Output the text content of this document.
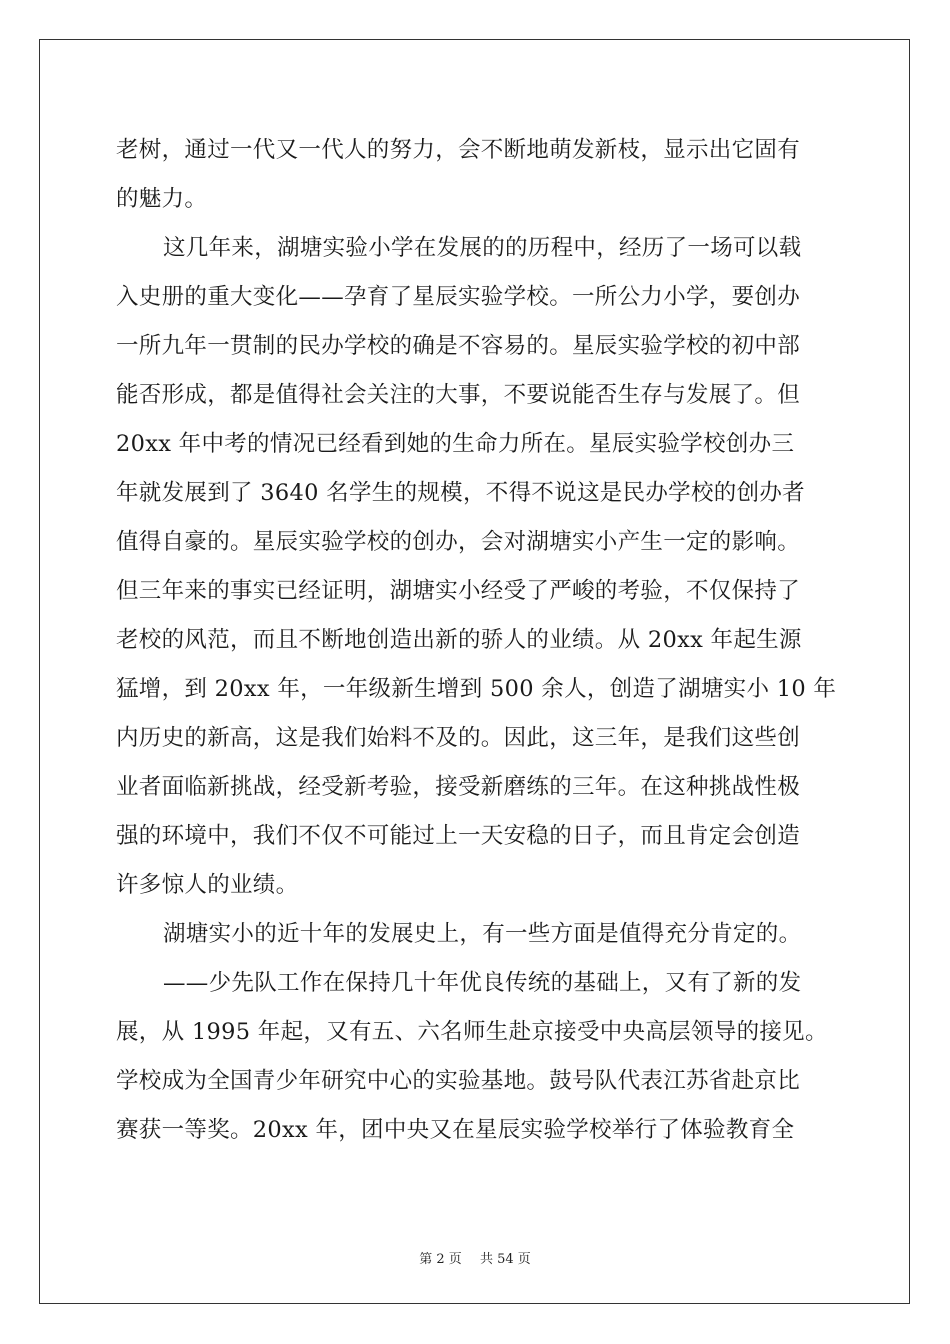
老树，通过一代又一代人的努力，会不断地萌发新枝，显示出它固有
的魅力。
这几年来，湖塘实验小学在发展的的历程中，经历了一场可以载
入史册的重大变化——孕育了星辰实验学校。一所公力小学，要创办
一所九年一贯制的民办学校的确是不容易的。星辰实验学校的初中部
能否形成，都是值得社会关注的大事，不要说能否生存与发展了。但
20xx 年中考的情况已经看到她的生命力所在。星辰实验学校创办三
年就发展到了 3640 名学生的规模，不得不说这是民办学校的创办者
值得自豪的。星辰实验学校的创办，会对湖塘实小产生一定的影响。
但三年来的事实已经证明，湖塘实小经受了严峻的考验，不仅保持了
老校的风范，而且不断地创造出新的骄人的业绩。从 20xx 年起生源
猛增，到 20xx 年，一年级新生增到 500 余人，创造了湖塘实小 10 年
内历史的新高，这是我们始料不及的。因此，这三年，是我们这些创
业者面临新挑战，经受新考验，接受新磨练的三年。在这种挑战性极
强的环境中，我们不仅不可能过上一天安稳的日子，而且肯定会创造
许多惊人的业绩。
湖塘实小的近十年的发展史上，有一些方面是值得充分肯定的。
——少先队工作在保持几十年优良传统的基础上，又有了新的发
展，从 1995 年起，又有五、六名师生赴京接受中央高层领导的接见。
学校成为全国青少年研究中心的实验基地。鼓号队代表江苏省赴京比
赛获一等奖。20xx 年，团中央又在星辰实验学校举行了体验教育全
第 2 页 共 54 页
